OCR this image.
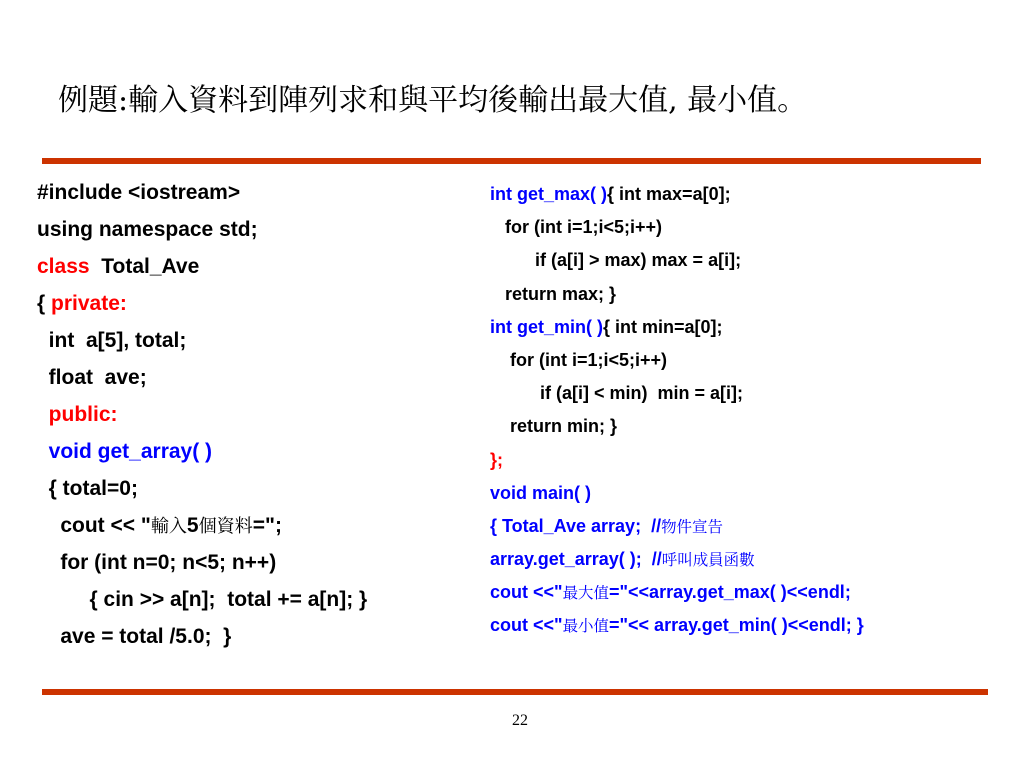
例題:輸入資料到陣列求和與平均後輸出最大值, 最小值。
#include <iostream>
using namespace std;
class  Total_Ave
{ private:
int  a[5], total;
float  ave;
public:
void get_array( )
{ total=0;
cout << "輸入5個資料=";
for (int n=0; n<5; n++)
{ cin >> a[n];  total += a[n]; }
ave = total /5.0;  }
int get_max( ){ int max=a[0];
for (int i=1;i<5;i++)
if (a[i] > max) max = a[i];
return max; }
int get_min( ){ int min=a[0];
for (int i=1;i<5;i++)
if (a[i] < min)  min = a[i];
return min; }
};
void main( )
{ Total_Ave array;  //物件宣告
array.get_array( );  //呼叫成員函數
cout <<"最大值="<<array.get_max( )<<endl;
cout <<"最小值="<< array.get_min( )<<endl; }
22
